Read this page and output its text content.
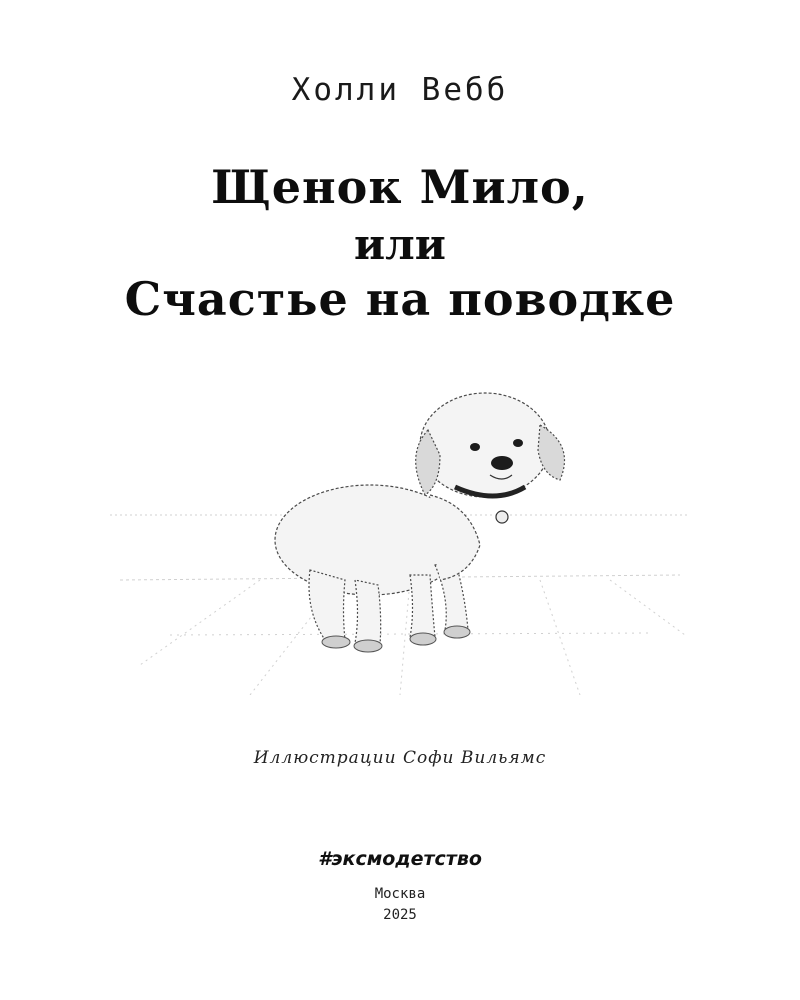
Холли Вебб
Щенок Мило,
или
Счастье на поводке
Иллюстрации Софи Вильямс
#эксмодетство
Москва
2025
